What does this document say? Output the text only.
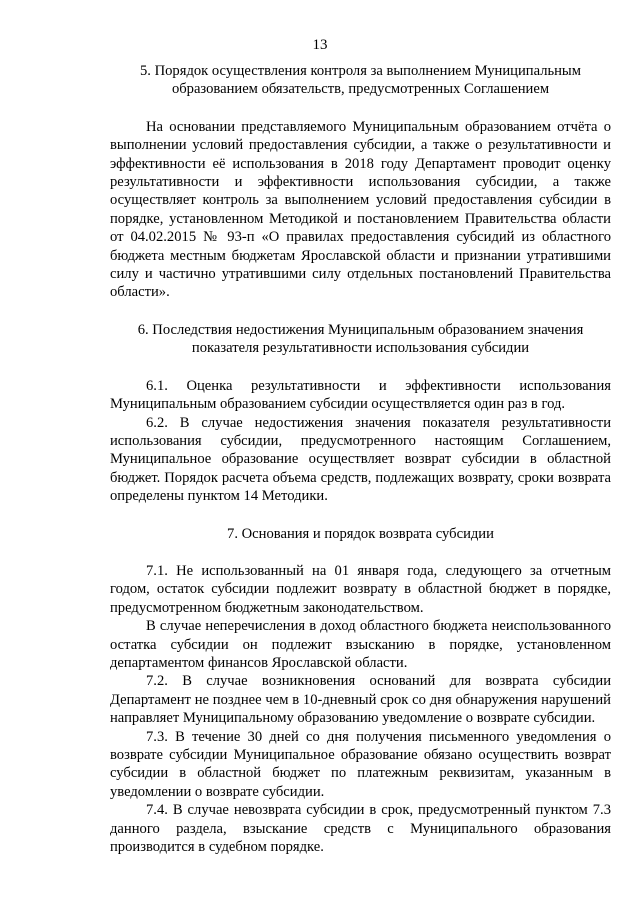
13

5. Порядок осуществления контроля за выполнением Муниципальным
образованием обязательств, предусмотренных Соглашением

На основании представляемого Муниципальным образованием отчёта о выполнении условий предоставления субсидии, а также о результативности и эффективности её использования в 2018 году Департамент проводит оценку результативности и эффективности использования субсидии, а также осуществляет контроль за выполнением условий предоставления субсидии в порядке, установленном Методикой и постановлением Правительства области от 04.02.2015 № 93-п «О правилах предоставления субсидий из областного бюджета местным бюджетам Ярославской области и признании утратившими силу и частично утратившими силу отдельных постановлений Правительства области».

6. Последствия недостижения Муниципальным образованием значения
показателя результативности использования субсидии

6.1. Оценка результативности и эффективности использования Муниципальным образованием субсидии осуществляется один раз в год.

6.2. В случае недостижения значения показателя результативности использования субсидии, предусмотренного настоящим Соглашением, Муниципальное образование осуществляет возврат субсидии в областной бюджет. Порядок расчета объема средств, подлежащих возврату, сроки возврата определены пунктом 14 Методики.

7. Основания и порядок возврата субсидии

7.1. Не использованный на 01 января года, следующего за отчетным годом, остаток субсидии подлежит возврату в областной бюджет в порядке, предусмотренном бюджетным законодательством.

В случае неперечисления в доход областного бюджета неиспользованного остатка субсидии он подлежит взысканию в порядке, установленном департаментом финансов Ярославской области.

7.2. В случае возникновения оснований для возврата субсидии Департамент не позднее чем в 10-дневный срок со дня обнаружения нарушений направляет Муниципальному образованию уведомление о возврате субсидии.

7.3. В течение 30 дней со дня получения письменного уведомления о возврате субсидии Муниципальное образование обязано осуществить возврат субсидии в областной бюджет по платежным реквизитам, указанным в уведомлении о возврате субсидии.

7.4. В случае невозврата субсидии в срок, предусмотренный пунктом 7.3 данного раздела, взыскание средств с Муниципального образования производится в судебном порядке.
